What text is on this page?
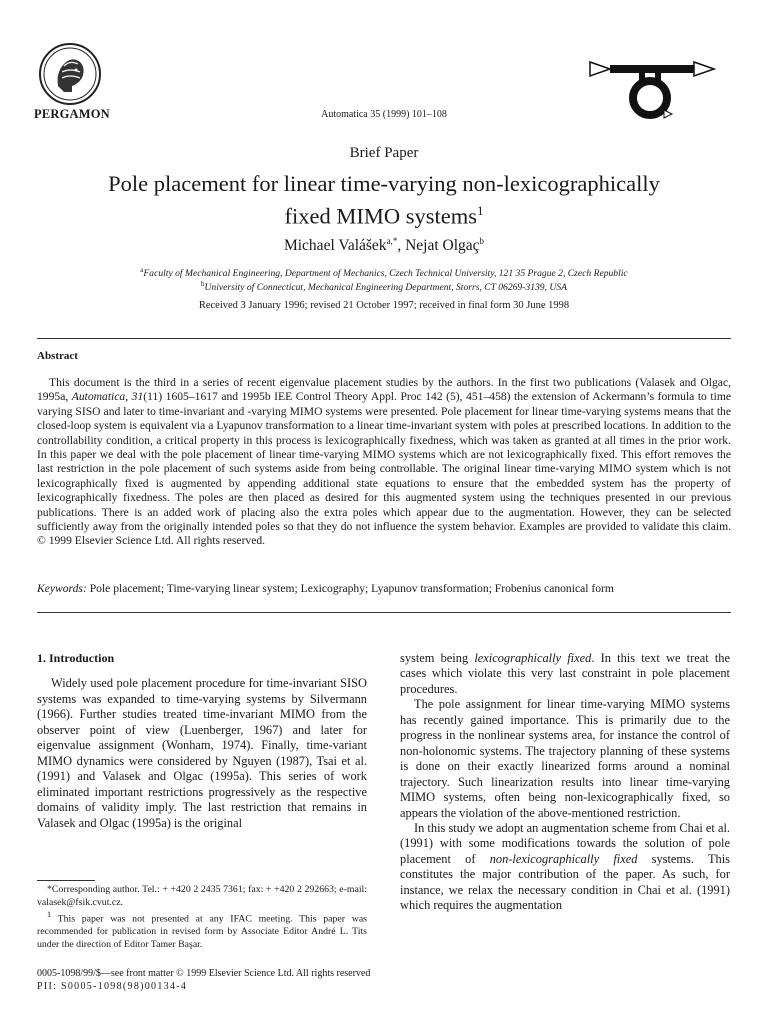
PERGAMON	Automatica 35 (1999) 101–108
Brief Paper
Pole placement for linear time-varying non-lexicographically
fixed MIMO systems$^1$
Michael Valášek$^{a,*}$, Nejat Olgaç$^b$
$^a$Faculty of Mechanical Engineering, Department of Mechanics, Czech Technical University, 121 35 Prague 2, Czech Republic
$^b$University of Connecticut, Mechanical Engineering Department, Storrs, CT 06269-3139, USA
Received 3 January 1996; revised 21 October 1997; received in final form 30 June 1998
Abstract
This document is the third in a series of recent eigenvalue placement studies by the authors. In the first two publications (Valasek and Olgac, 1995a, Automatica, 31(11) 1605–1617 and 1995b IEE Control Theory Appl. Proc 142 (5), 451–458) the extension of Ackermann’s formula to time varying SISO and later to time-invariant and -varying MIMO systems were presented. Pole placement for linear time-varying systems means that the closed-loop system is equivalent via a Lyapunov transformation to a linear time-invariant system with poles at prescribed locations. In addition to the controllability condition, a critical property in this process is lexicographically fixedness, which was taken as granted at all times in the prior work. In this paper we deal with the pole placement of linear time-varying MIMO systems which are not lexicographically fixed. This effort removes the last restriction in the pole placement of such systems aside from being controllable. The original linear time-varying MIMO system which is not lexicographically fixed is augmented by appending additional state equations to ensure that the embedded system has the property of lexicographically fixedness. The poles are then placed as desired for this augmented system using the techniques presented in our previous publications. There is an added work of placing also the extra poles which appear due to the augmentation. However, they can be selected sufficiently away from the originally intended poles so that they do not influence the system behavior. Examples are provided to validate this claim. © 1999 Elsevier Science Ltd. All rights reserved.
Keywords: Pole placement; Time-varying linear system; Lexicography; Lyapunov transformation; Frobenius canonical form

1. Introduction

Widely used pole placement procedure for time-invariant SISO systems was expanded to time-varying systems by Silvermann (1966). Further studies treated time-invariant MIMO from the observer point of view (Luenberger, 1967) and later for eigenvalue assignment (Wonham, 1974). Finally, time-variant MIMO dynamics were considered by Nguyen (1987), Tsai et al. (1991) and Valasek and Olgac (1995a). This series of work eliminated important restrictions progressively as the respective domains of validity imply. The last restriction that remains in Valasek and Olgac (1995a) is the original

system being lexicographically fixed. In this text we treat the cases which violate this very last constraint in pole placement procedures.

The pole assignment for linear time-varying MIMO systems has recently gained importance. This is primarily due to the progress in the nonlinear systems area, for instance the control of non-holonomic systems. The trajectory planning of these systems is done on their exactly linearized forms around a nominal trajectory. Such linearization results into linear time-varying MIMO systems, often being non-lexicographically fixed, so appears the violation of the above-mentioned restriction.

In this study we adopt an augmentation scheme from Chai et al. (1991) with some modifications towards the solution of pole placement of non-lexicographically fixed systems. This constitutes the major contribution of the paper. As such, for instance, we relax the necessary condition in Chai et al. (1991) which requires the augmentation

*Corresponding author. Tel.: + +420 2 2435 7361; fax: + +420 2 292663; e-mail: valasek@fsik.cvut.cz.

$^1$ This paper was not presented at any IFAC meeting. This paper was recommended for publication in revised form by Associate Editor André L. Tits under the direction of Editor Tamer Başar.

0005-1098/99/$—see front matter © 1999 Elsevier Science Ltd. All rights reserved
PII: S0005-1098(98)00134-4
